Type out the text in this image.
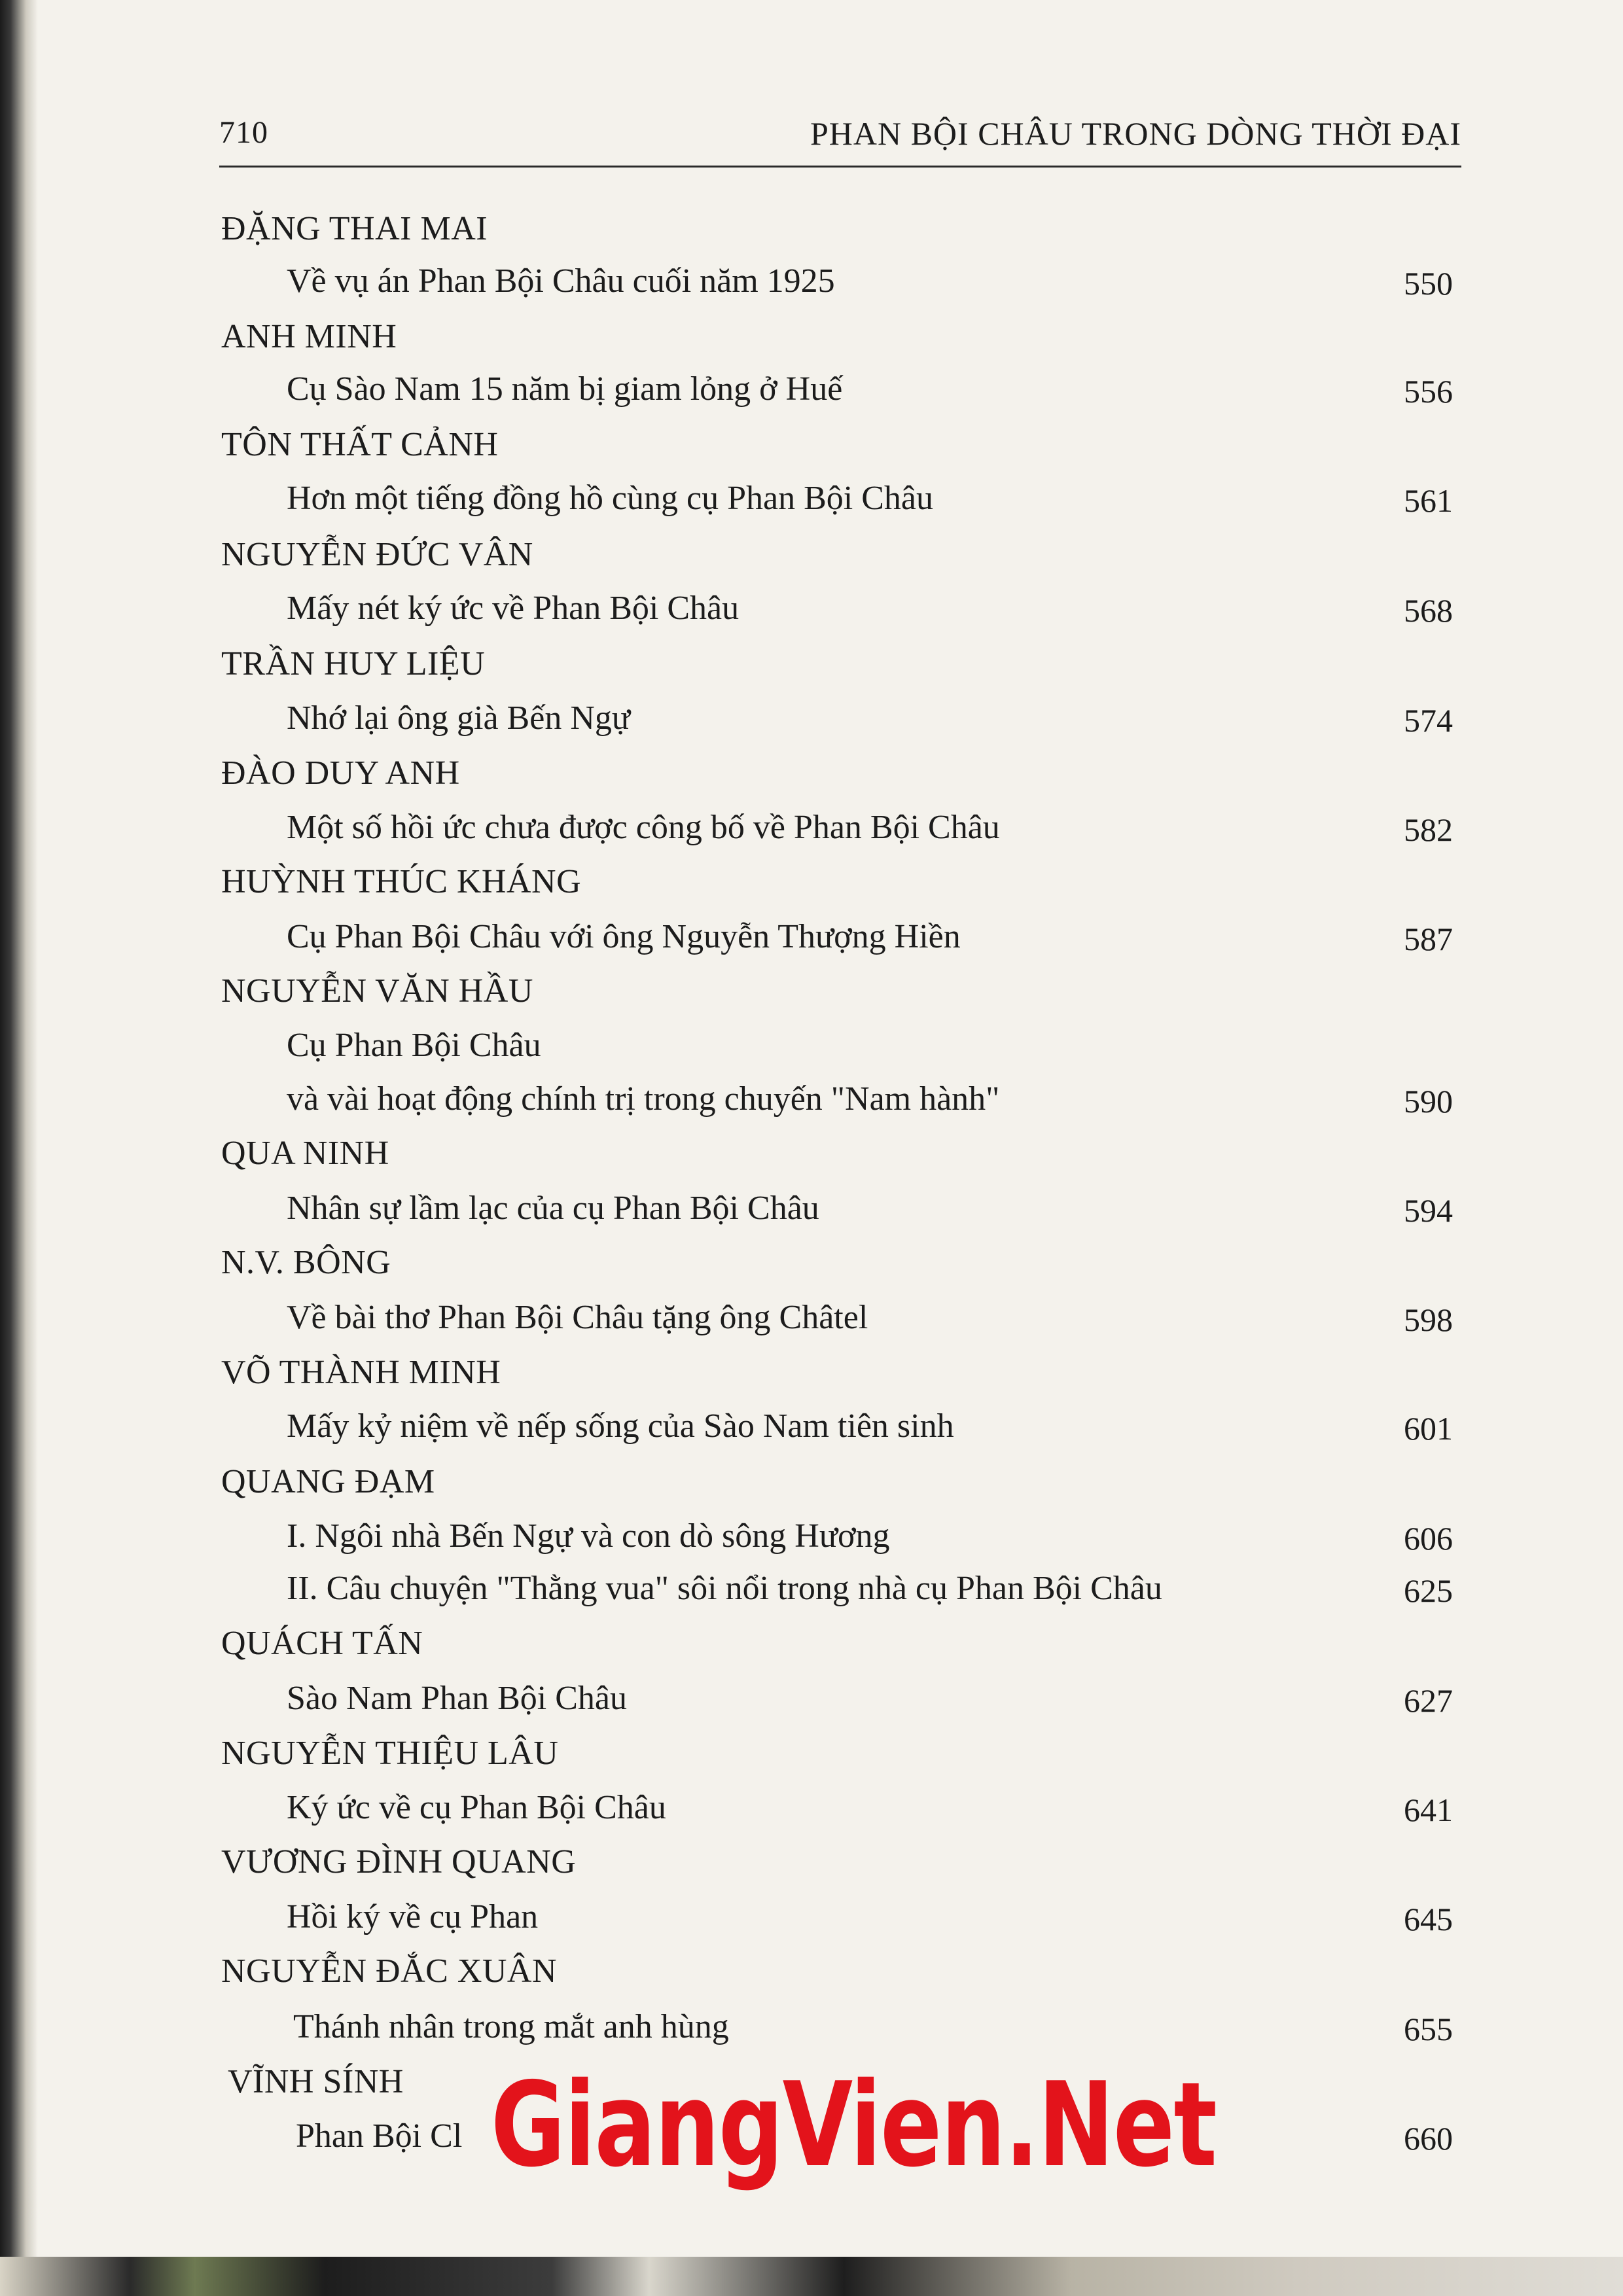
710	PHAN BỘI CHÂU TRONG DÒNG THỜI ĐẠI
ĐẶNG THAI MAI
Về vụ án Phan Bội Châu cuối năm 1925	550
ANH MINH
Cụ Sào Nam 15 năm bị giam lỏng ở Huế	556
TÔN THẤT CẢNH
Hơn một tiếng đồng hồ cùng cụ Phan Bội Châu	561
NGUYỄN ĐỨC VÂN
Mấy nét ký ức về Phan Bội Châu	568
TRẦN HUY LIỆU
Nhớ lại ông già Bến Ngự	574
ĐÀO DUY ANH
Một số hồi ức chưa được công bố về Phan Bội Châu	582
HUỲNH THÚC KHÁNG
Cụ Phan Bội Châu với ông Nguyễn Thượng Hiền	587
NGUYỄN VĂN HẦU
Cụ Phan Bội Châu
và vài hoạt động chính trị trong chuyến "Nam hành"	590
QUA NINH
Nhân sự lầm lạc của cụ Phan Bội Châu	594
N.V. BÔNG
Về bài thơ Phan Bội Châu tặng ông Châtel	598
VÕ THÀNH MINH
Mấy kỷ niệm về nếp sống của Sào Nam tiên sinh	601
QUANG ĐẠM
I. Ngôi nhà Bến Ngự và con dò sông Hương	606
II. Câu chuyện "Thằng vua" sôi nổi trong nhà cụ Phan Bội Châu	625
QUÁCH TẤN
Sào Nam Phan Bội Châu	627
NGUYỄN THIỆU LÂU
Ký ức về cụ Phan Bội Châu	641
VƯƠNG ĐÌNH QUANG
Hồi ký về cụ Phan	645
NGUYỄN ĐẮC XUÂN
Thánh nhân trong mắt anh hùng	655
VĨNH SÍNH
Phan Bội Cl	660
GiangVien.Net
